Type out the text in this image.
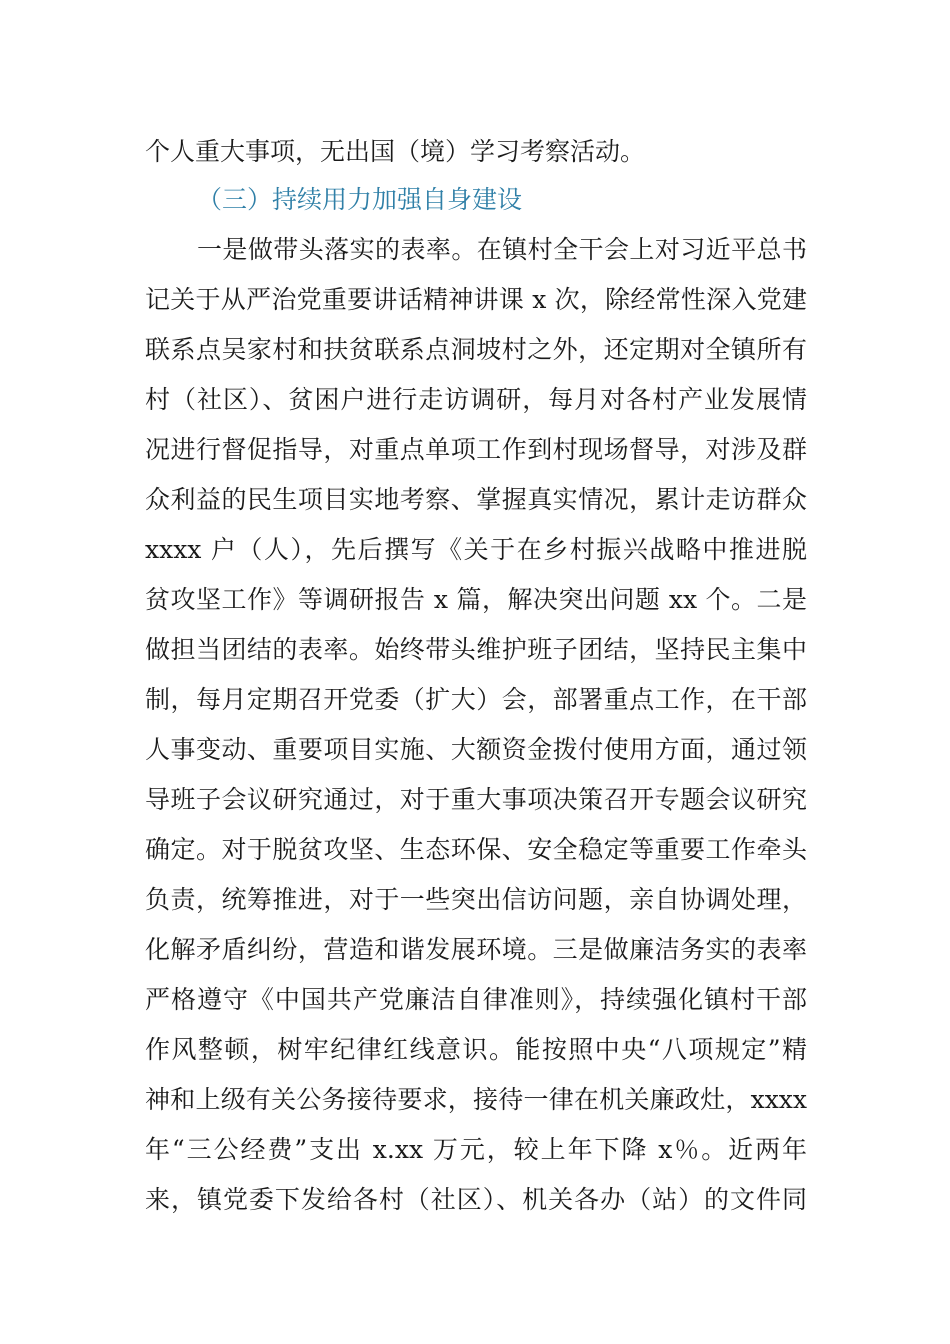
个人重大事项，无出国（境）学习考察活动。
（三）持续用力加强自身建设
一是做带头落实的表率。在镇村全干会上对习近平总书
记关于从严治党重要讲话精神讲课 x 次，除经常性深入党建
联系点吴家村和扶贫联系点洞坡村之外，还定期对全镇所有
村（社区）、贫困户进行走访调研，每月对各村产业发展情
况进行督促指导，对重点单项工作到村现场督导，对涉及群
众利益的民生项目实地考察、掌握真实情况，累计走访群众
xxxx 户（人），先后撰写《关于在乡村振兴战略中推进脱
贫攻坚工作》等调研报告 x 篇，解决突出问题 xx 个。二是
做担当团结的表率。始终带头维护班子团结，坚持民主集中
制，每月定期召开党委（扩大）会，部署重点工作，在干部
人事变动、重要项目实施、大额资金拨付使用方面，通过领
导班子会议研究通过，对于重大事项决策召开专题会议研究
确定。对于脱贫攻坚、生态环保、安全稳定等重要工作牵头
负责，统筹推进，对于一些突出信访问题，亲自协调处理，
化解矛盾纠纷，营造和谐发展环境。三是做廉洁务实的表率
严格遵守《中国共产党廉洁自律准则》，持续强化镇村干部
作风整顿，树牢纪律红线意识。能按照中央“八项规定”精
神和上级有关公务接待要求，接待一律在机关廉政灶，xxxx
年“三公经费”支出 x.xx 万元，较上年下降 x％。近两年
来，镇党委下发给各村（社区）、机关各办（站）的文件同
